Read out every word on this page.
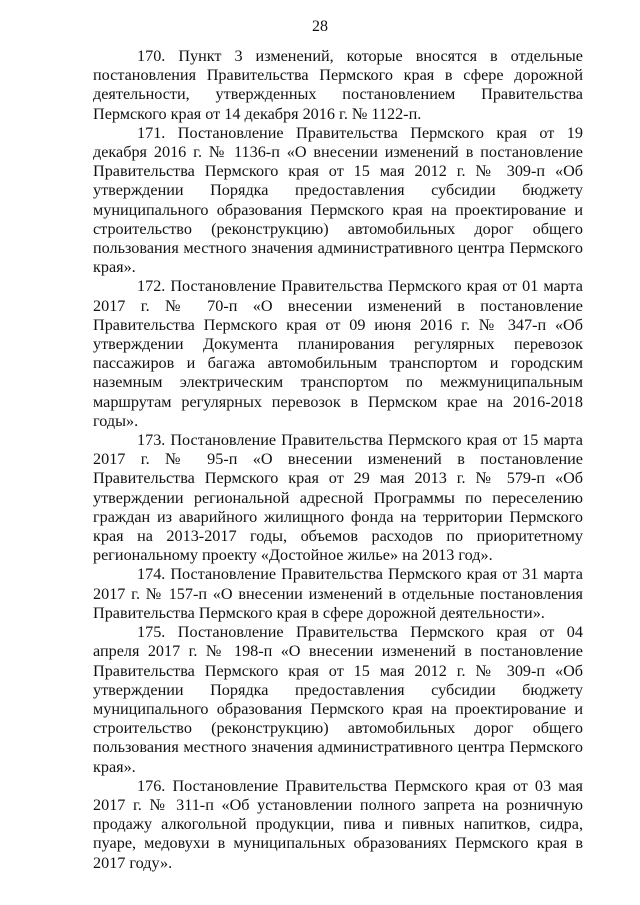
28

170. Пункт 3 изменений, которые вносятся в отдельные постановления Правительства Пермского края в сфере дорожной деятельности, утвержденных постановлением Правительства Пермского края от 14 декабря 2016 г. № 1122-п.

171. Постановление Правительства Пермского края от 19 декабря 2016 г. № 1136-п «О внесении изменений в постановление Правительства Пермского края от 15 мая 2012 г. № 309-п «Об утверждении Порядка предоставления субсидии бюджету муниципального образования Пермского края на проектирование и строительство (реконструкцию) автомобильных дорог общего пользования местного значения административного центра Пермского края».

172. Постановление Правительства Пермского края от 01 марта 2017 г. № 70-п «О внесении изменений в постановление Правительства Пермского края от 09 июня 2016 г. № 347-п «Об утверждении Документа планирования регулярных перевозок пассажиров и багажа автомобильным транспортом и городским наземным электрическим транспортом по межмуниципальным маршрутам регулярных перевозок в Пермском крае на 2016-2018 годы».

173. Постановление Правительства Пермского края от 15 марта 2017 г. № 95-п «О внесении изменений в постановление Правительства Пермского края от 29 мая 2013 г. № 579-п «Об утверждении региональной адресной Программы по переселению граждан из аварийного жилищного фонда на территории Пермского края на 2013-2017 годы, объемов расходов по приоритетному региональному проекту «Достойное жилье» на 2013 год».

174. Постановление Правительства Пермского края от 31 марта 2017 г. № 157-п «О внесении изменений в отдельные постановления Правительства Пермского края в сфере дорожной деятельности».

175. Постановление Правительства Пермского края от 04 апреля 2017 г. № 198-п «О внесении изменений в постановление Правительства Пермского края от 15 мая 2012 г. № 309-п «Об утверждении Порядка предоставления субсидии бюджету муниципального образования Пермского края на проектирование и строительство (реконструкцию) автомобильных дорог общего пользования местного значения административного центра Пермского края».

176. Постановление Правительства Пермского края от 03 мая 2017 г. № 311-п «Об установлении полного запрета на розничную продажу алкогольной продукции, пива и пивных напитков, сидра, пуаре, медовухи в муниципальных образованиях Пермского края в 2017 году».
